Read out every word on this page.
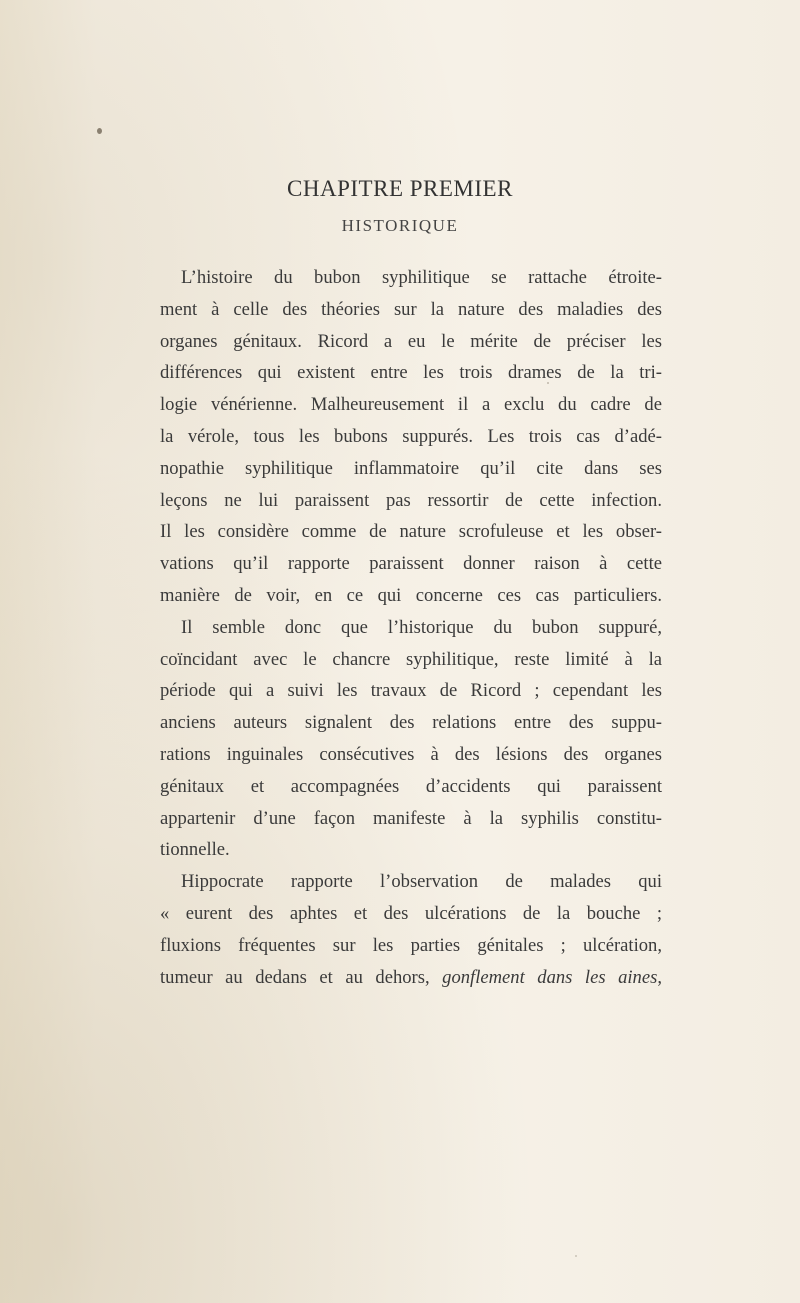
CHAPITRE PREMIER
HISTORIQUE
L’histoire du bubon syphilitique se rattache étroite-
ment à celle des théories sur la nature des maladies des
organes génitaux. Ricord a eu le mérite de préciser les
différences qui existent entre les trois drames de la tri-
logie vénérienne. Malheureusement il a exclu du cadre de
la vérole, tous les bubons suppurés. Les trois cas d’adé-
nopathie syphilitique inflammatoire qu’il cite dans ses
leçons ne lui paraissent pas ressortir de cette infection.
Il les considère comme de nature scrofuleuse et les obser-
vations qu’il rapporte paraissent donner raison à cette
manière de voir, en ce qui concerne ces cas particuliers.
Il semble donc que l’historique du bubon suppuré,
coïncidant avec le chancre syphilitique, reste limité à la
période qui a suivi les travaux de Ricord ; cependant les
anciens auteurs signalent des relations entre des suppu-
rations inguinales consécutives à des lésions des organes
génitaux et accompagnées d’accidents qui paraissent
appartenir d’une façon manifeste à la syphilis constitu-
tionnelle.
Hippocrate rapporte l’observation de malades qui
« eurent des aphtes et des ulcérations de la bouche ;
fluxions fréquentes sur les parties génitales ; ulcération,
tumeur au dedans et au dehors, gonflement dans les aines,
